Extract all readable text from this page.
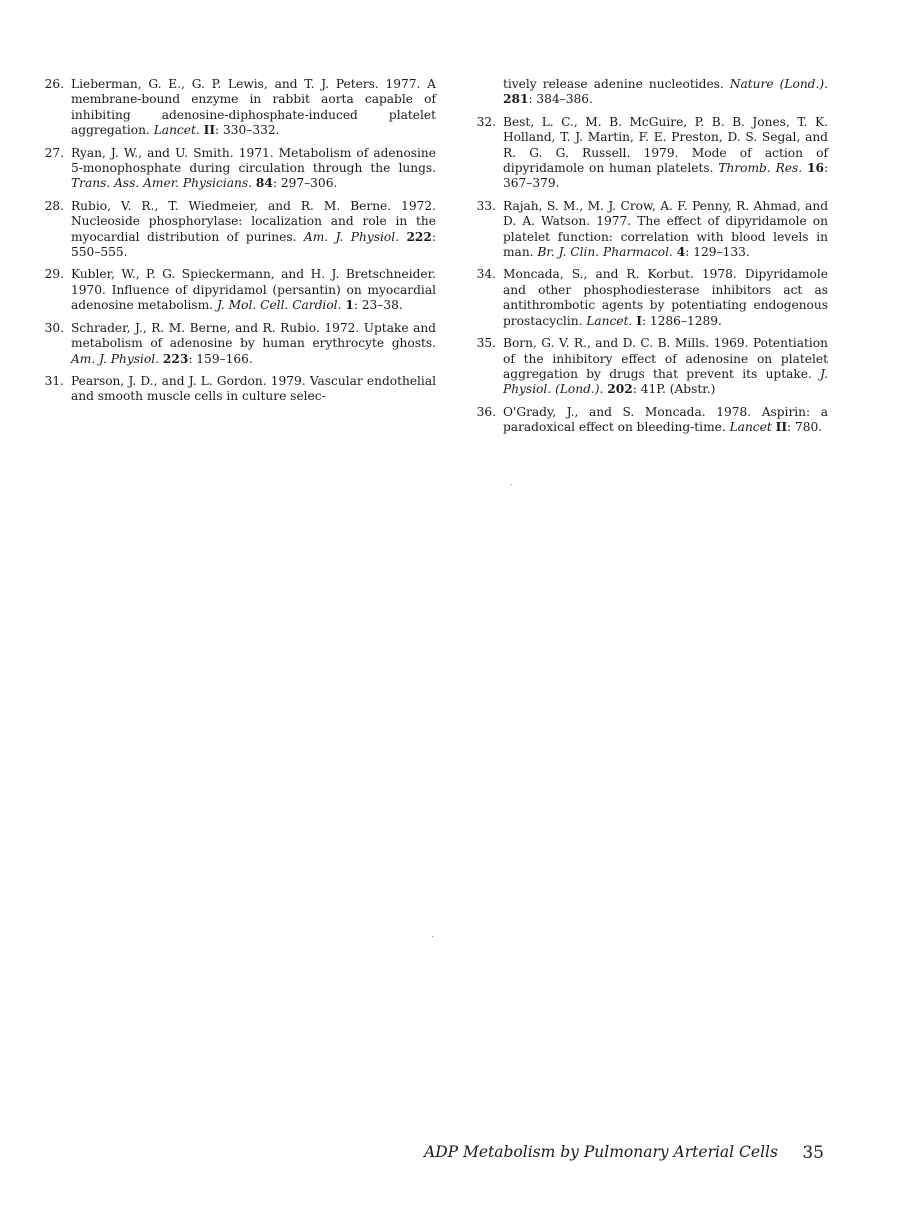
26. Lieberman, G. E., G. P. Lewis, and T. J. Peters. 1977. A membrane-bound enzyme in rabbit aorta capable of inhibiting adenosine-diphosphate-induced platelet aggregation. Lancet. II: 330–332.
27. Ryan, J. W., and U. Smith. 1971. Metabolism of adenosine 5-monophosphate during circulation through the lungs. Trans. Ass. Amer. Physicians. 84: 297–306.
28. Rubio, V. R., T. Wiedmeier, and R. M. Berne. 1972. Nucleoside phosphorylase: localization and role in the myocardial distribution of purines. Am. J. Physiol. 222: 550–555.
29. Kubler, W., P. G. Spieckermann, and H. J. Bretschneider. 1970. Influence of dipyridamol (persantin) on myocardial adenosine metabolism. J. Mol. Cell. Cardiol. 1: 23–38.
30. Schrader, J., R. M. Berne, and R. Rubio. 1972. Uptake and metabolism of adenosine by human erythrocyte ghosts. Am. J. Physiol. 223: 159–166.
31. Pearson, J. D., and J. L. Gordon. 1979. Vascular endothelial and smooth muscle cells in culture selec-
tively release adenine nucleotides. Nature (Lond.). 281: 384–386.
32. Best, L. C., M. B. McGuire, P. B. B. Jones, T. K. Holland, T. J. Martin, F. E. Preston, D. S. Segal, and R. G. G. Russell. 1979. Mode of action of dipyridamole on human platelets. Thromb. Res. 16: 367–379.
33. Rajah, S. M., M. J. Crow, A. F. Penny, R. Ahmad, and D. A. Watson. 1977. The effect of dipyridamole on platelet function: correlation with blood levels in man. Br. J. Clin. Pharmacol. 4: 129–133.
34. Moncada, S., and R. Korbut. 1978. Dipyridamole and other phosphodiesterase inhibitors act as antithrombotic agents by potentiating endogenous prostacyclin. Lancet. I: 1286–1289.
35. Born, G. V. R., and D. C. B. Mills. 1969. Potentiation of the inhibitory effect of adenosine on platelet aggregation by drugs that prevent its uptake. J. Physiol. (Lond.). 202: 41P. (Abstr.)
36. O'Grady, J., and S. Moncada. 1978. Aspirin: a paradoxical effect on bleeding-time. Lancet II: 780.
ADP Metabolism by Pulmonary Arterial Cells 35
